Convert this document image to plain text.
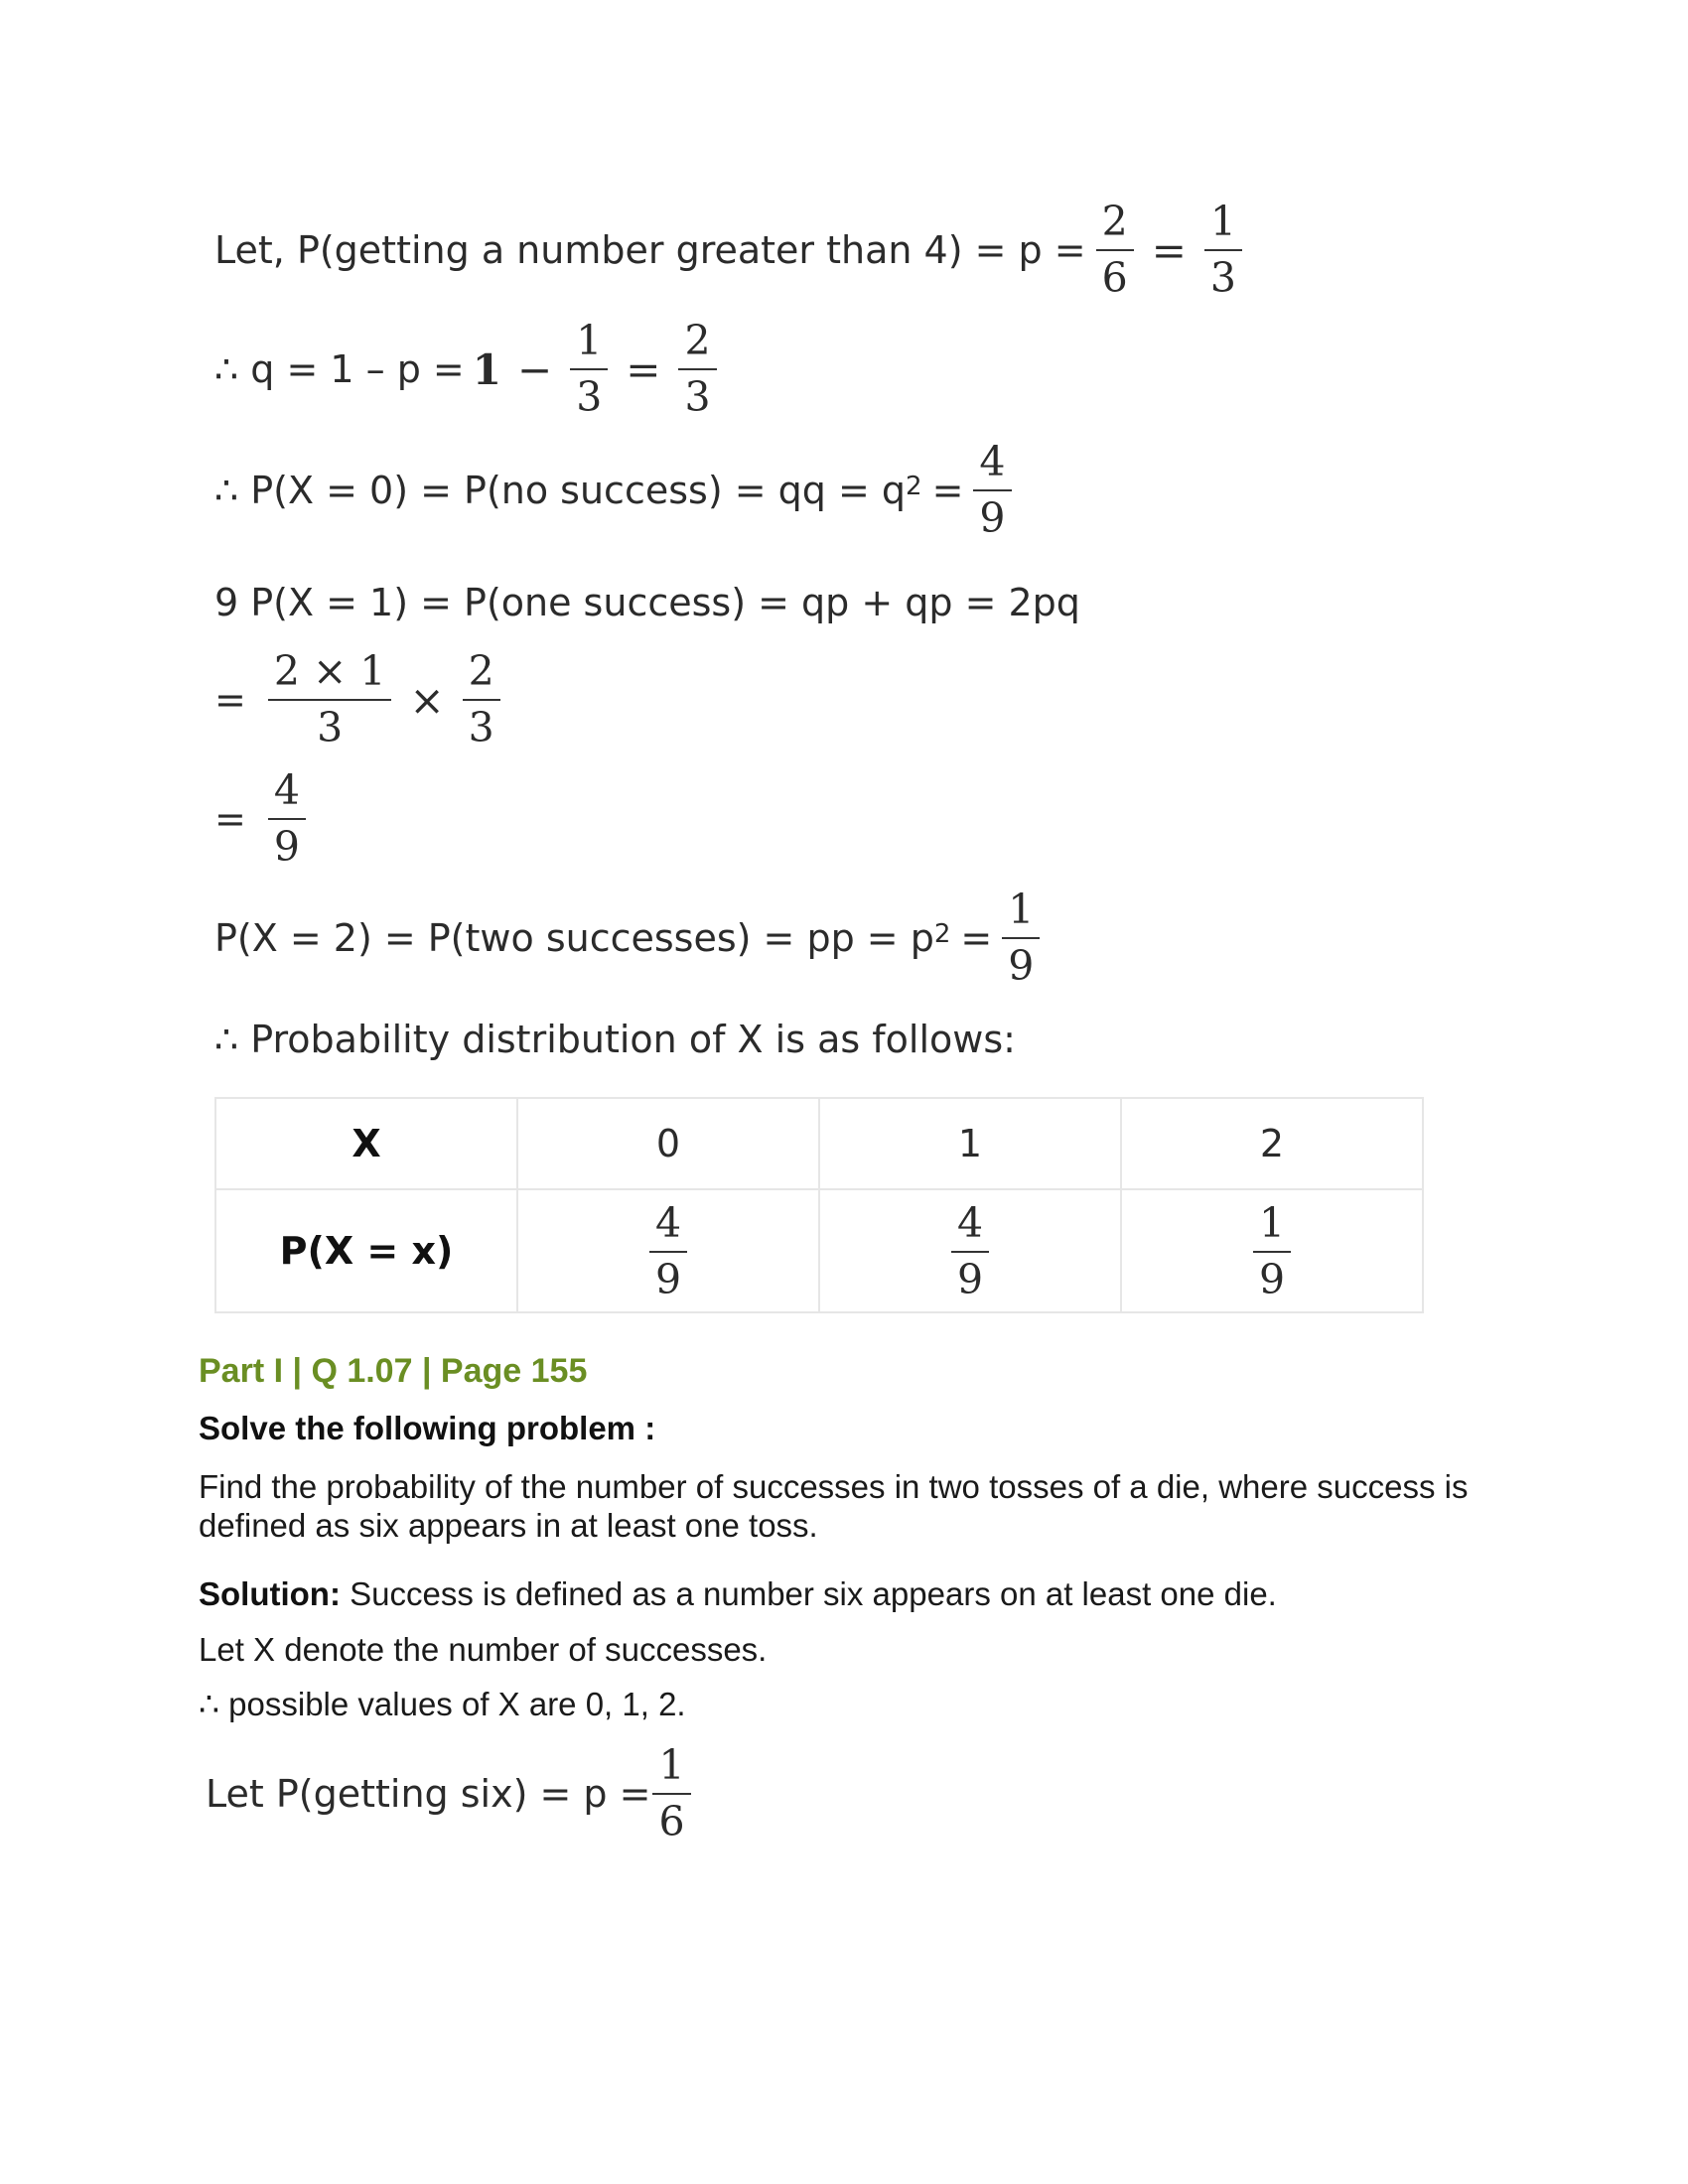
Let, P(getting a number greater than $4) = p = \frac{2}{6} = \frac{1}{3}$
∴ $q = 1 - p = 1 - \frac{1}{3} = \frac{2}{3}$
∴ P(X = 0) = P(no success) = qq = $q^2 = \frac{4}{9}$
9 P(X = 1) = P(one success) = qp + qp = 2pq
= $\frac{2 \times 1}{3} \times \frac{2}{3}$
= $\frac{4}{9}$
P(X = 2) = P(two successes) = pp = $p^2 = \frac{1}{9}$
∴ Probability distribution of X is as follows:
X	0	1	2
P(X = x)	$\frac{4}{9}$	$\frac{4}{9}$	$\frac{1}{9}$
Part I | Q 1.07 | Page 155
Solve the following problem :
Find the probability of the number of successes in two tosses of a die, where success is defined as six appears in at least one toss.
Solution: Success is defined as a number six appears on at least one die.
Let X denote the number of successes.
∴ possible values of X are 0, 1, 2.
Let P(getting $six) = p = \frac{1}{6}$
